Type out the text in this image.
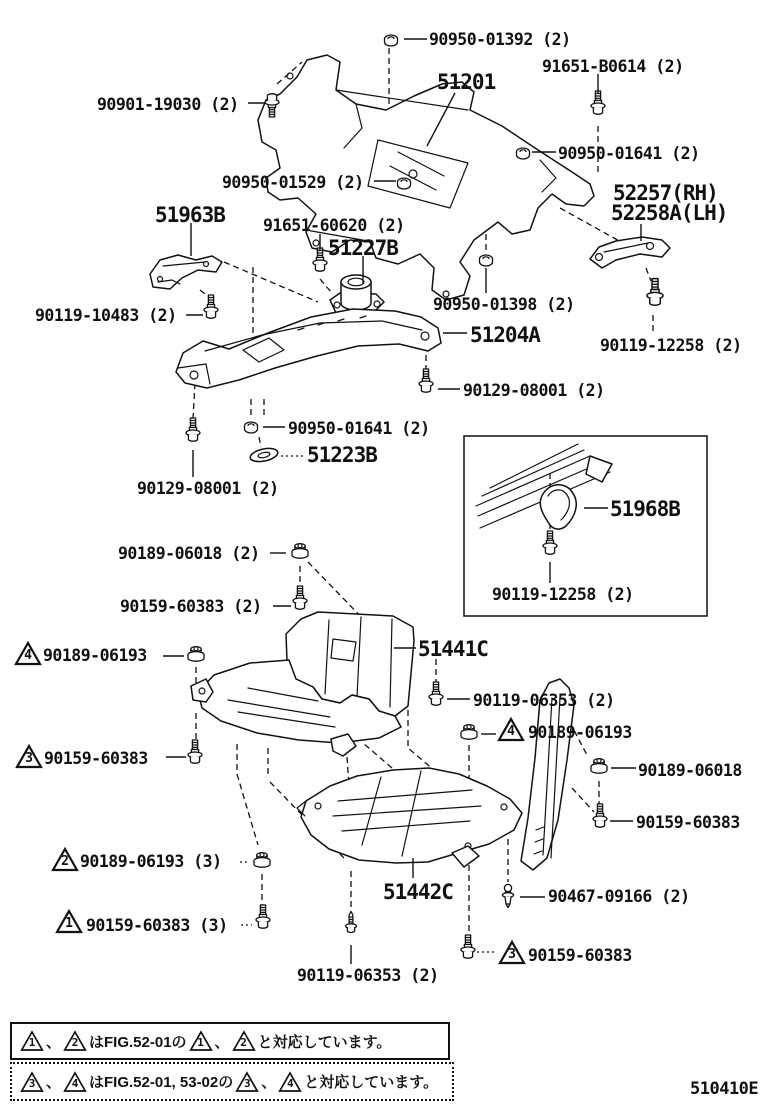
90950-01392 (2)
91651-B0614 (2)
90901-19030 (2)
90950-01641 (2)
90950-01529 (2)
91651-60620 (2)
90119-10483 (2)
90950-01398 (2)
90119-12258 (2)
90129-08001 (2)
90950-01641 (2)
90129-08001 (2)
90119-12258 (2)
90189-06018 (2)
90159-60383 (2)
90189-06193
90119-06353 (2)
90189-06193
90159-60383
90189-06018
90159-60383
90189-06193 (3)
90467-09166 (2)
90159-60383 (3)
90159-60383
90119-06353 (2)
51201
52257(RH)
52258A(LH)
51963B
51227B
51204A
51223B
51968B
51441C
51442C
4
4
3
2
1
3
1 、 2 はFIG.52-01の 1 、 2 と対応しています。
3 、 4 はFIG.52-01, 53-02の 3 、 4 と対応しています。	510410E
